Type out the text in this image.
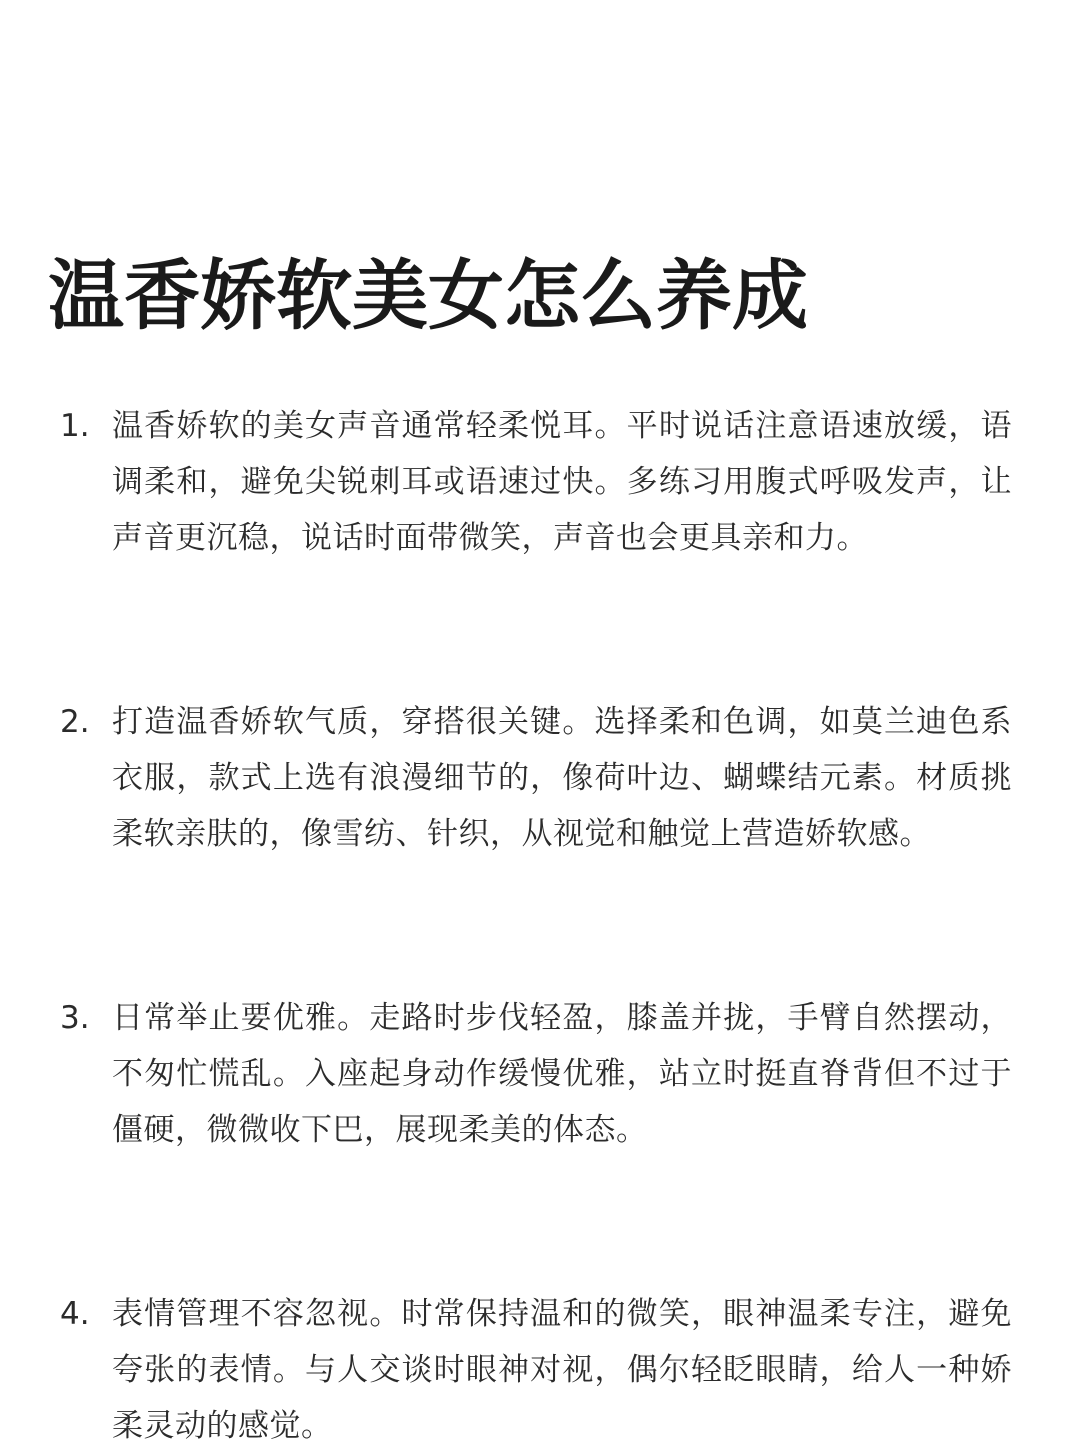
温香娇软美女怎么养成
1. 温香娇软的美女声音通常轻柔悦耳。平时说话注意语速放缓，语调柔和，避免尖锐刺耳或语速过快。多练习用腹式呼吸发声，让声音更沉稳，说话时面带微笑，声音也会更具亲和力。

2. 打造温香娇软气质，穿搭很关键。选择柔和色调，如莫兰迪色系衣服，款式上选有浪漫细节的，像荷叶边、蝴蝶结元素。材质挑柔软亲肤的，像雪纺、针织，从视觉和触觉上营造娇软感。

3. 日常举止要优雅。走路时步伐轻盈，膝盖并拢，手臂自然摆动，不匆忙慌乱。入座起身动作缓慢优雅，站立时挺直脊背但不过于僵硬，微微收下巴，展现柔美的体态。

4. 表情管理不容忽视。时常保持温和的微笑，眼神温柔专注，避免夸张的表情。与人交谈时眼神对视，偶尔轻眨眼睛，给人一种娇柔灵动的感觉。
